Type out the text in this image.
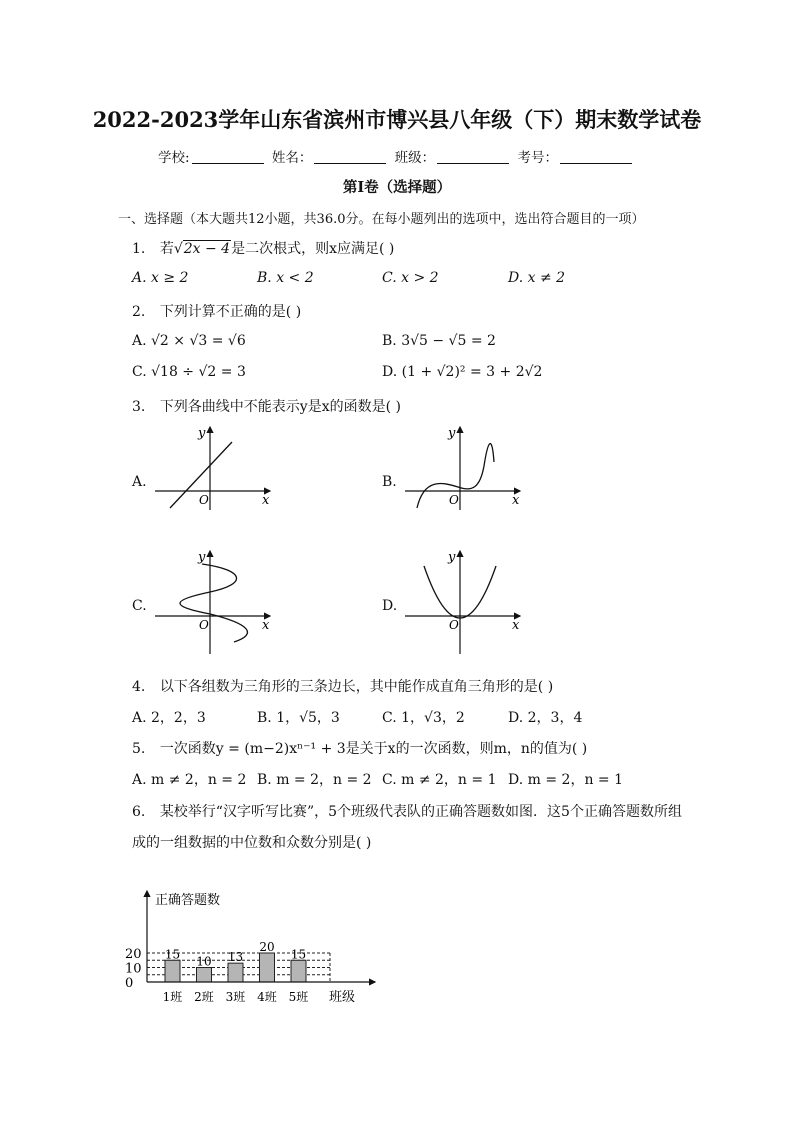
2022-2023学年山东省滨州市博兴县八年级（下）期末数学试卷
学校:	姓名：	班级：	考号：
第I卷（选择题）
一、选择题（本大题共12小题，共36.0分。在每小题列出的选项中，选出符合题目的一项）
1. 若√2x − 4是二次根式，则x应满足( )
A. x ≥ 2	B. x < 2	C. x > 2	D. x ≠ 2
2. 下列计算不正确的是( )
A. √2 × √3 = √6	B. 3√5 − √5 = 2
C. √18 ÷ √2 = 3	D. (1 + √2)² = 3 + 2√2
3. 下列各曲线中不能表示y是x的函数是( )
A.	B.
C.	D.
x
y
O	x
y
O
x
y
O	x
y
O
4. 以下各组数为三角形的三条边长，其中能作成直角三角形的是( )
A. 2，2，3	B. 1，√5，3	C. 1，√3，2	D. 2，3，4
5. 一次函数y = (m−2)xⁿ⁻¹ + 3是关于x的一次函数，则m，n的值为( )
A. m ≠ 2，n = 2 B. m = 2，n = 2 C. m ≠ 2，n = 1 D. m = 2，n = 1
6. 某校举行“汉字听写比赛”，5个班级代表队的正确答题数如图．这5个正确答题数所组
成的一组数据的中位数和众数分别是( )
正确答题数
班级
0
10
20
1班 2班 3班 4班 5班
15
10 13
20
15
